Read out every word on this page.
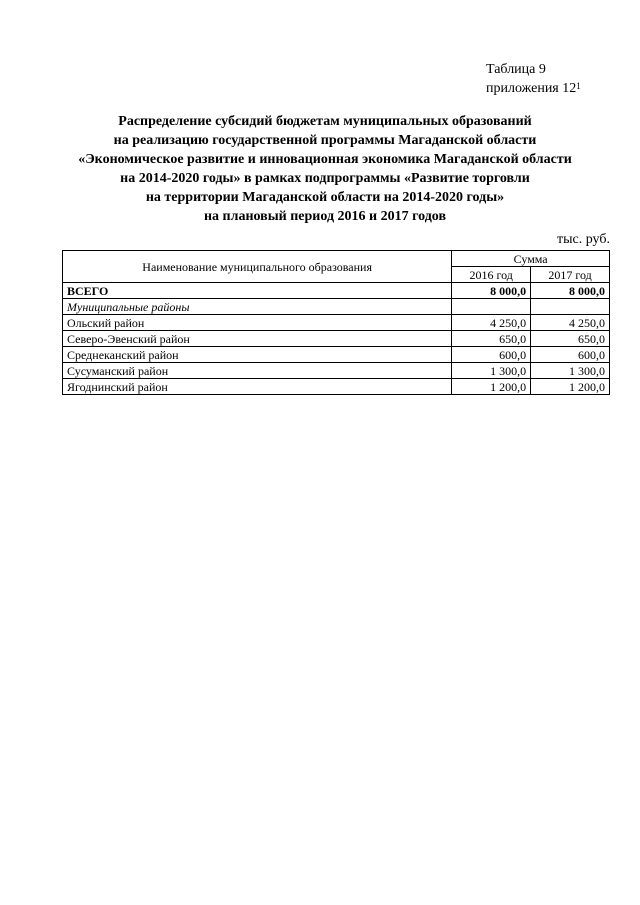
Таблица 9
приложения $12^1$
Распределение субсидий бюджетам муниципальных образований
на реализацию государственной программы Магаданской области
«Экономическое развитие и инновационная экономика Магаданской области
на 2014-2020 годы» в рамках подпрограммы «Развитие торговли
на территории Магаданской области на 2014-2020 годы»
на плановый период 2016 и 2017 годов
тыс. руб.
Наименование муниципального образования	Сумма	
	2016 год	2017 год
ВСЕГО	8 000,0	8 000,0
Муниципальные районы		
Ольский район	4 250,0	4 250,0
Северо-Эвенский район	650,0	650,0
Среднеканский район	600,0	600,0
Сусуманский район	1 300,0	1 300,0
Ягоднинский район	1 200,0	1 200,0
